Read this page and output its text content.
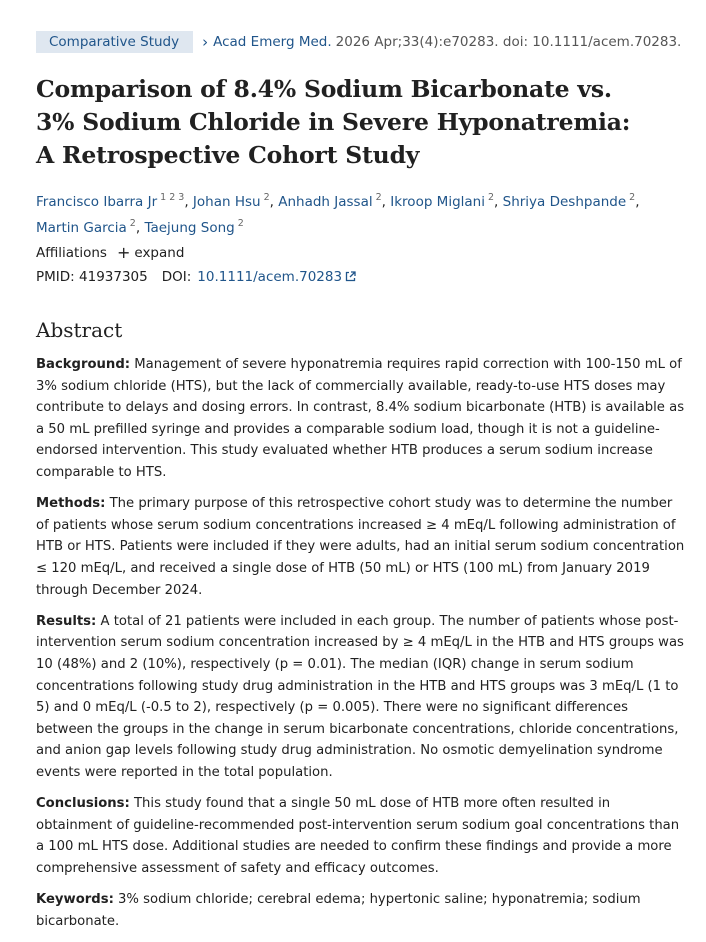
Comparative Study	› Acad Emerg Med. 2026 Apr;33(4):e70283. doi: 10.1111/acem.70283.
Comparison of 8.4% Sodium Bicarbonate vs. 3% Sodium Chloride in Severe Hyponatremia: A Retrospective Cohort Study
Francisco Ibarra Jr $^{1 2 3}$, Johan Hsu $^2$, Anhadh Jassal $^2$, Ikroop Miglani $^2$, Shriya Deshpande $^2$,
Martin Garcia $^2$, Taejung Song $^2$
Affiliations + expand
PMID:
41937305 DOI: 10.1111/acem.70283
Abstract

Background: Management of severe hyponatremia requires rapid correction with 100-150 mL of 3% sodium chloride (HTS), but the lack of commercially available, ready-to-use HTS doses may contribute to delays and dosing errors. In contrast, 8.4% sodium bicarbonate (HTB) is available as a 50 mL prefilled syringe and provides a comparable sodium load, though it is not a guideline-endorsed intervention. This study evaluated whether HTB produces a serum sodium increase comparable to HTS.

Methods: The primary purpose of this retrospective cohort study was to determine the number of patients whose serum sodium concentrations increased ≥ 4 mEq/L following administration of HTB or HTS. Patients were included if they were adults, had an initial serum sodium concentration ≤ 120 mEq/L, and received a single dose of HTB (50 mL) or HTS (100 mL) from January 2019 through December 2024.

Results: A total of 21 patients were included in each group. The number of patients whose post-intervention serum sodium concentration increased by ≥ 4 mEq/L in the HTB and HTS groups was 10 (48%) and 2 (10%), respectively (p = 0.01). The median (IQR) change in serum sodium concentrations following study drug administration in the HTB and HTS groups was 3 mEq/L (1 to 5) and 0 mEq/L (-0.5 to 2), respectively (p = 0.005). There were no significant differences between the groups in the change in serum bicarbonate concentrations, chloride concentrations, and anion gap levels following study drug administration. No osmotic demyelination syndrome events were reported in the total population.

Conclusions: This study found that a single 50 mL dose of HTB more often resulted in obtainment of guideline-recommended post-intervention serum sodium goal concentrations than a 100 mL HTS dose. Additional studies are needed to confirm these findings and provide a more comprehensive assessment of safety and efficacy outcomes.

Keywords: 3% sodium chloride; cerebral edema; hypertonic saline; hyponatremia; sodium bicarbonate.
